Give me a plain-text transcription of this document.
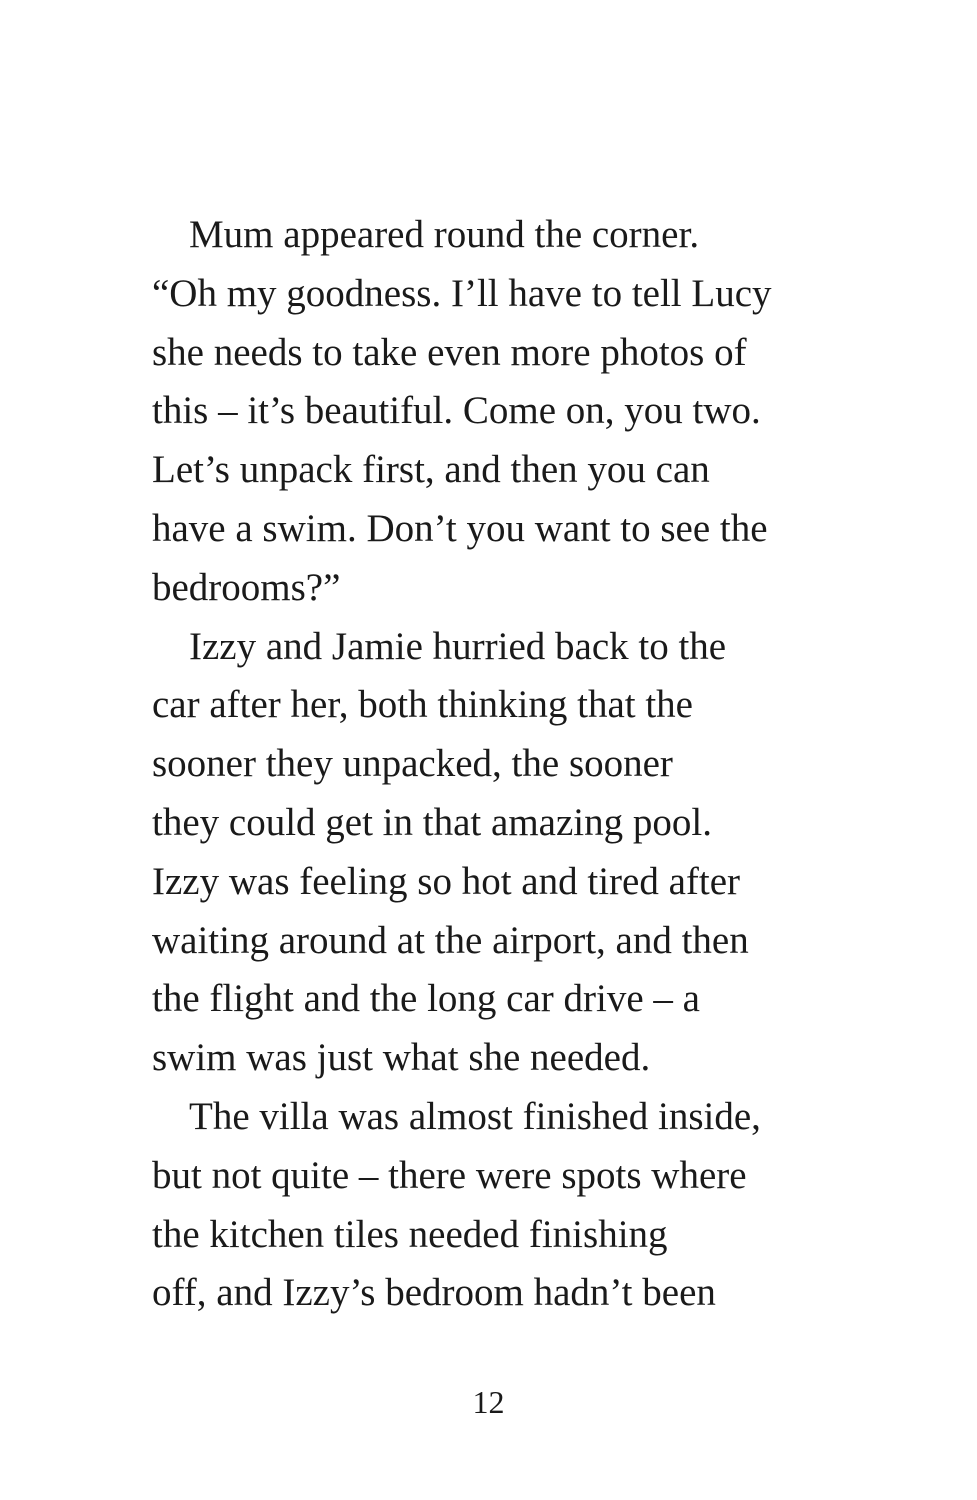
Mum appeared round the corner.
“Oh my goodness. I’ll have to tell Lucy
she needs to take even more photos of
this – it’s beautiful. Come on, you two.
Let’s unpack first, and then you can
have a swim. Don’t you want to see the
bedrooms?”
Izzy and Jamie hurried back to the
car after her, both thinking that the
sooner they unpacked, the sooner
they could get in that amazing pool.
Izzy was feeling so hot and tired after
waiting around at the airport, and then
the flight and the long car drive – a
swim was just what she needed.
The villa was almost finished inside,
but not quite – there were spots where
the kitchen tiles needed finishing
off, and Izzy’s bedroom hadn’t been
12
